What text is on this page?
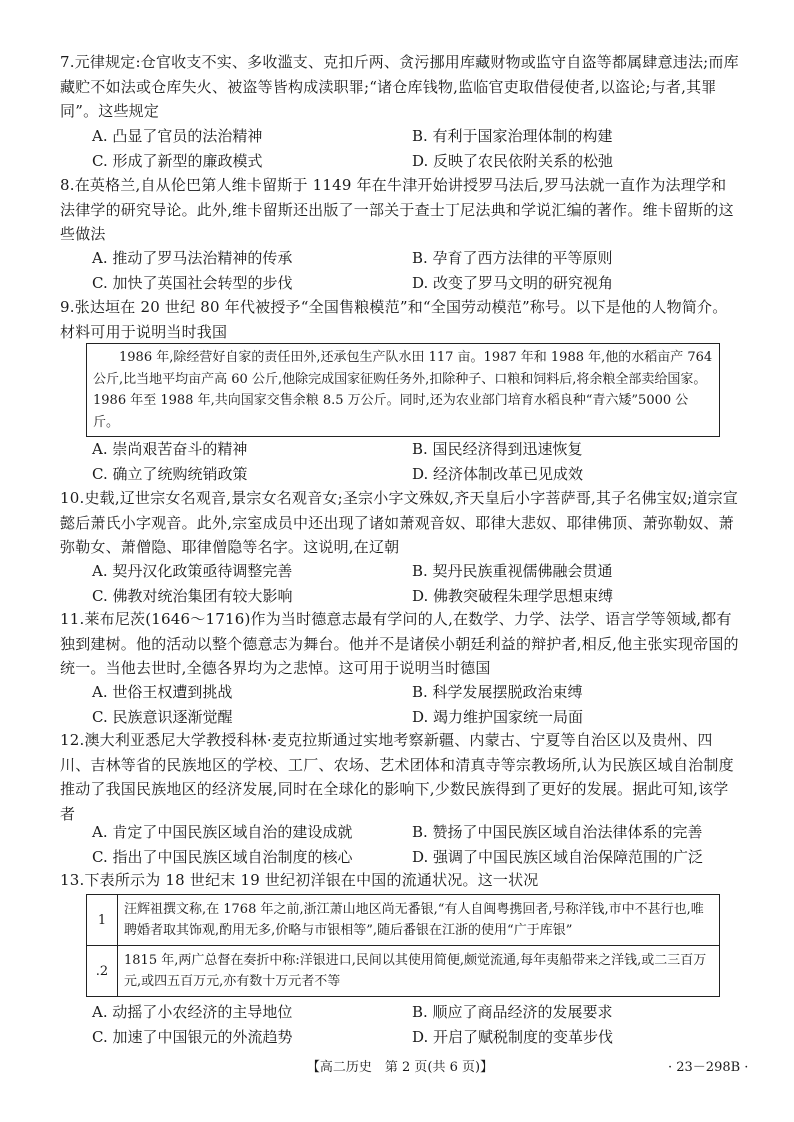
7.元律规定:仓官收支不实、多收滥支、克扣斤两、贪污挪用库藏财物或监守自盗等都属肆意违法;而库藏贮不如法或仓库失火、被盗等皆构成渎职罪;“诸仓库钱物,监临官吏取借侵使者,以盗论;与者,其罪同”。这些规定
A. 凸显了官员的法治精神	B. 有利于国家治理体制的构建
C. 形成了新型的廉政模式	D. 反映了农民依附关系的松弛
8.在英格兰,自从伦巴第人维卡留斯于 1149 年在牛津开始讲授罗马法后,罗马法就一直作为法理学和法律学的研究导论。此外,维卡留斯还出版了一部关于查士丁尼法典和学说汇编的著作。维卡留斯的这些做法
A. 推动了罗马法治精神的传承	B. 孕育了西方法律的平等原则
C. 加快了英国社会转型的步伐	D. 改变了罗马文明的研究视角
9.张达垣在 20 世纪 80 年代被授予“全国售粮模范”和“全国劳动模范”称号。以下是他的人物简介。材料可用于说明当时我国
1986 年,除经营好自家的责任田外,还承包生产队水田 117 亩。1987 年和 1988 年,他的水稻亩产 764 公斤,比当地平均亩产高 60 公斤,他除完成国家征购任务外,扣除种子、口粮和饲料后,将余粮全部卖给国家。1986 年至 1988 年,共向国家交售余粮 8.5 万公斤。同时,还为农业部门培育水稻良种“青六矮”5000 公斤。
A. 崇尚艰苦奋斗的精神	B. 国民经济得到迅速恢复
C. 确立了统购统销政策	D. 经济体制改革已见成效
10.史载,辽世宗女名观音,景宗女名观音女;圣宗小字文殊奴,齐天皇后小字菩萨哥,其子名佛宝奴;道宗宣懿后萧氏小字观音。此外,宗室成员中还出现了诸如萧观音奴、耶律大悲奴、耶律佛顶、萧弥勒奴、萧弥勒女、萧僧隐、耶律僧隐等名字。这说明,在辽朝
A. 契丹汉化政策亟待调整完善	B. 契丹民族重视儒佛融会贯通
C. 佛教对统治集团有较大影响	D. 佛教突破程朱理学思想束缚
11.莱布尼茨(1646～1716)作为当时德意志最有学问的人,在数学、力学、法学、语言学等领域,都有独到建树。他的活动以整个德意志为舞台。他并不是诸侯小朝廷利益的辩护者,相反,他主张实现帝国的统一。当他去世时,全德各界均为之悲悼。这可用于说明当时德国
A. 世俗王权遭到挑战	B. 科学发展摆脱政治束缚
C. 民族意识逐渐觉醒	D. 竭力维护国家统一局面
12.澳大利亚悉尼大学教授科林·麦克拉斯通过实地考察新疆、内蒙古、宁夏等自治区以及贵州、四川、吉林等省的民族地区的学校、工厂、农场、艺术团体和清真寺等宗教场所,认为民族区域自治制度推动了我国民族地区的经济发展,同时在全球化的影响下,少数民族得到了更好的发展。据此可知,该学者
A. 肯定了中国民族区域自治的建设成就	B. 赞扬了中国民族区域自治法律体系的完善
C. 指出了中国民族区域自治制度的核心	D. 强调了中国民族区域自治保障范围的广泛
13.下表所示为 18 世纪末 19 世纪初洋银在中国的流通状况。这一状况
1	汪辉祖撰文称,在 1768 年之前,浙江萧山地区尚无番银,“有人自闽粤携回者,号称洋钱,市中不甚行也,唯聘婚者取其饰观,酌用无多,价略与市银相等”,随后番银在江浙的使用“广于库银”
.2	1815 年,两广总督在奏折中称:洋银进口,民间以其使用简便,颇觉流通,每年夷船带来之洋钱,或二三百万元,或四五百万元,亦有数十万元者不等
A. 动摇了小农经济的主导地位	B. 顺应了商品经济的发展要求
C. 加速了中国银元的外流趋势	D. 开启了赋税制度的变革步伐
【高二历史　第 2 页(共 6 页)】	· 23－298B ·
